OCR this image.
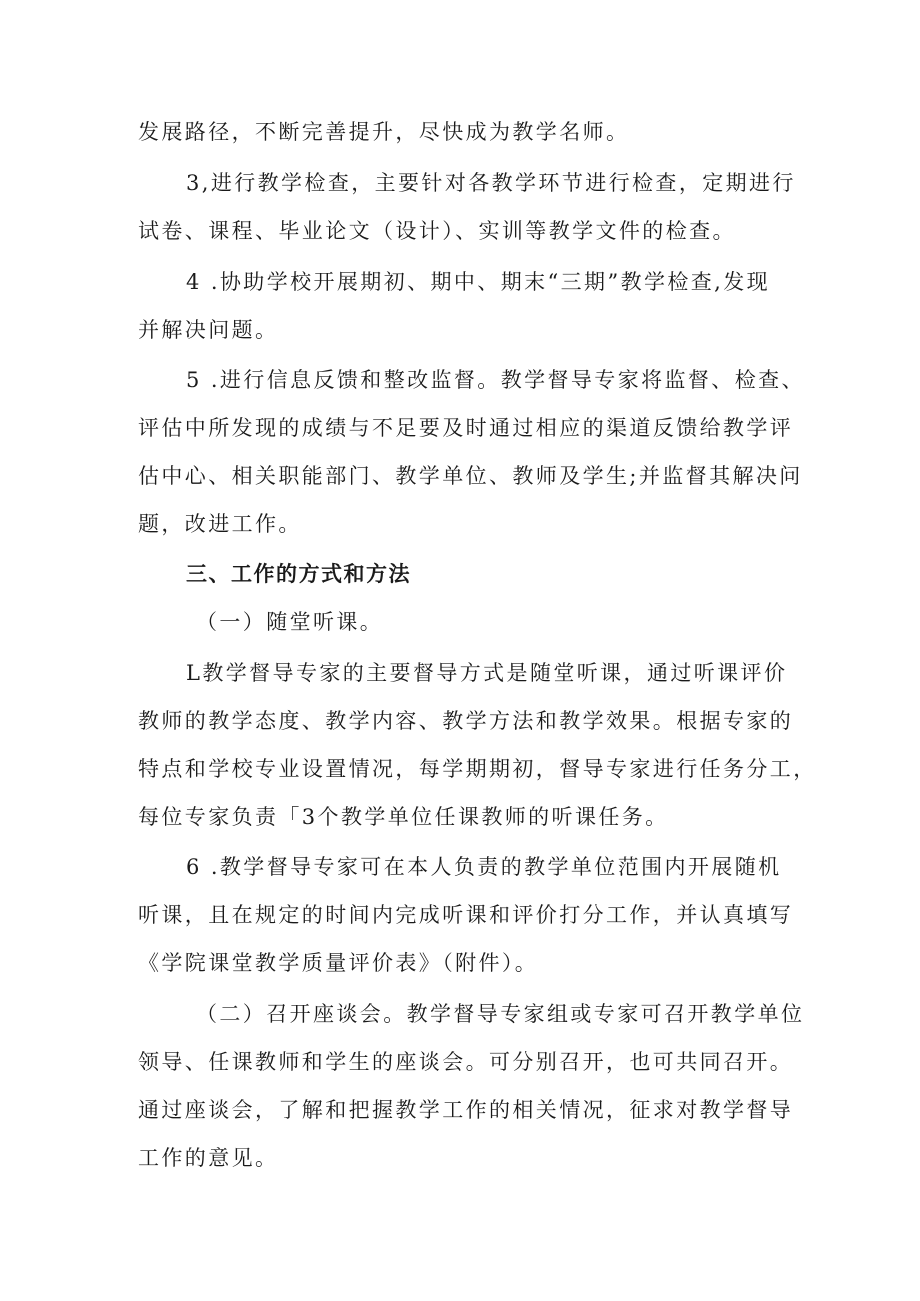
发展路径，不断完善提升，尽快成为教学名师。
3,进行教学检查，主要针对各教学环节进行检查，定期进行
试卷、课程、毕业论文（设计）、实训等教学文件的检查。
4 .协助学校开展期初、期中、期末“三期”教学检查,发现
并解决问题。
5 .进行信息反馈和整改监督。教学督导专家将监督、检查、
评估中所发现的成绩与不足要及时通过相应的渠道反馈给教学评
估中心、相关职能部门、教学单位、教师及学生;并监督其解决问
题，改进工作。
三、工作的方式和方法
（一）随堂听课。
L教学督导专家的主要督导方式是随堂听课，通过听课评价
教师的教学态度、教学内容、教学方法和教学效果。根据专家的
特点和学校专业设置情况，每学期期初，督导专家进行任务分工，
每位专家负责「3个教学单位任课教师的听课任务。
6 .教学督导专家可在本人负责的教学单位范围内开展随机
听课，且在规定的时间内完成听课和评价打分工作，并认真填写
《学院课堂教学质量评价表》（附件）。
（二）召开座谈会。教学督导专家组或专家可召开教学单位
领导、任课教师和学生的座谈会。可分别召开，也可共同召开。
通过座谈会，了解和把握教学工作的相关情况，征求对教学督导
工作的意见。
